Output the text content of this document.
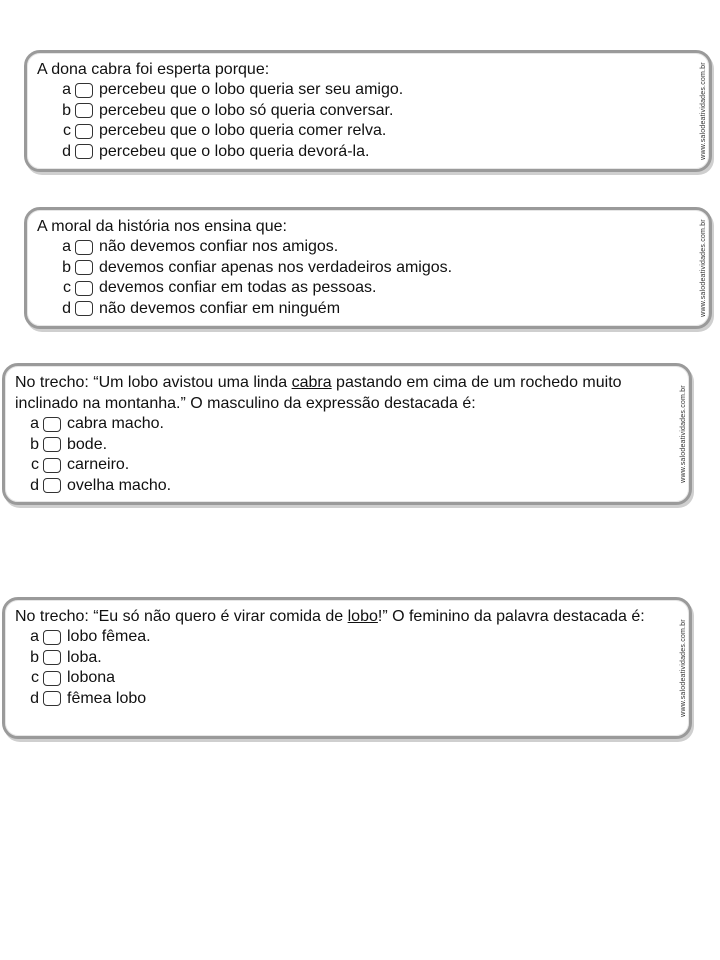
A dona cabra foi esperta porque:

a percebeu que o lobo queria ser seu amigo.
b percebeu que o lobo só queria conversar.
c percebeu que o lobo queria comer relva.
d percebeu que o lobo queria devorá-la.	www.salodeatividades.com.br

A moral da história nos ensina que:

a não devemos confiar nos amigos.
b devemos confiar apenas nos verdadeiros amigos.
c devemos confiar em todas as pessoas.
d não devemos confiar em ninguém	www.salodeatividades.com.br

No trecho: “Um lobo avistou uma linda cabra pastando em cima de um rochedo muito inclinado na montanha.” O masculino da expressão destacada é:

a cabra macho.
b bode.
c carneiro.
d ovelha macho.
www.salodeatividades.com.br

No trecho: “Eu só não quero é virar comida de lobo!” O feminino da palavra destacada é:

a lobo fêmea.
b loba.
c lobona
d fêmea lobo	www.salodeatividades.com.br
